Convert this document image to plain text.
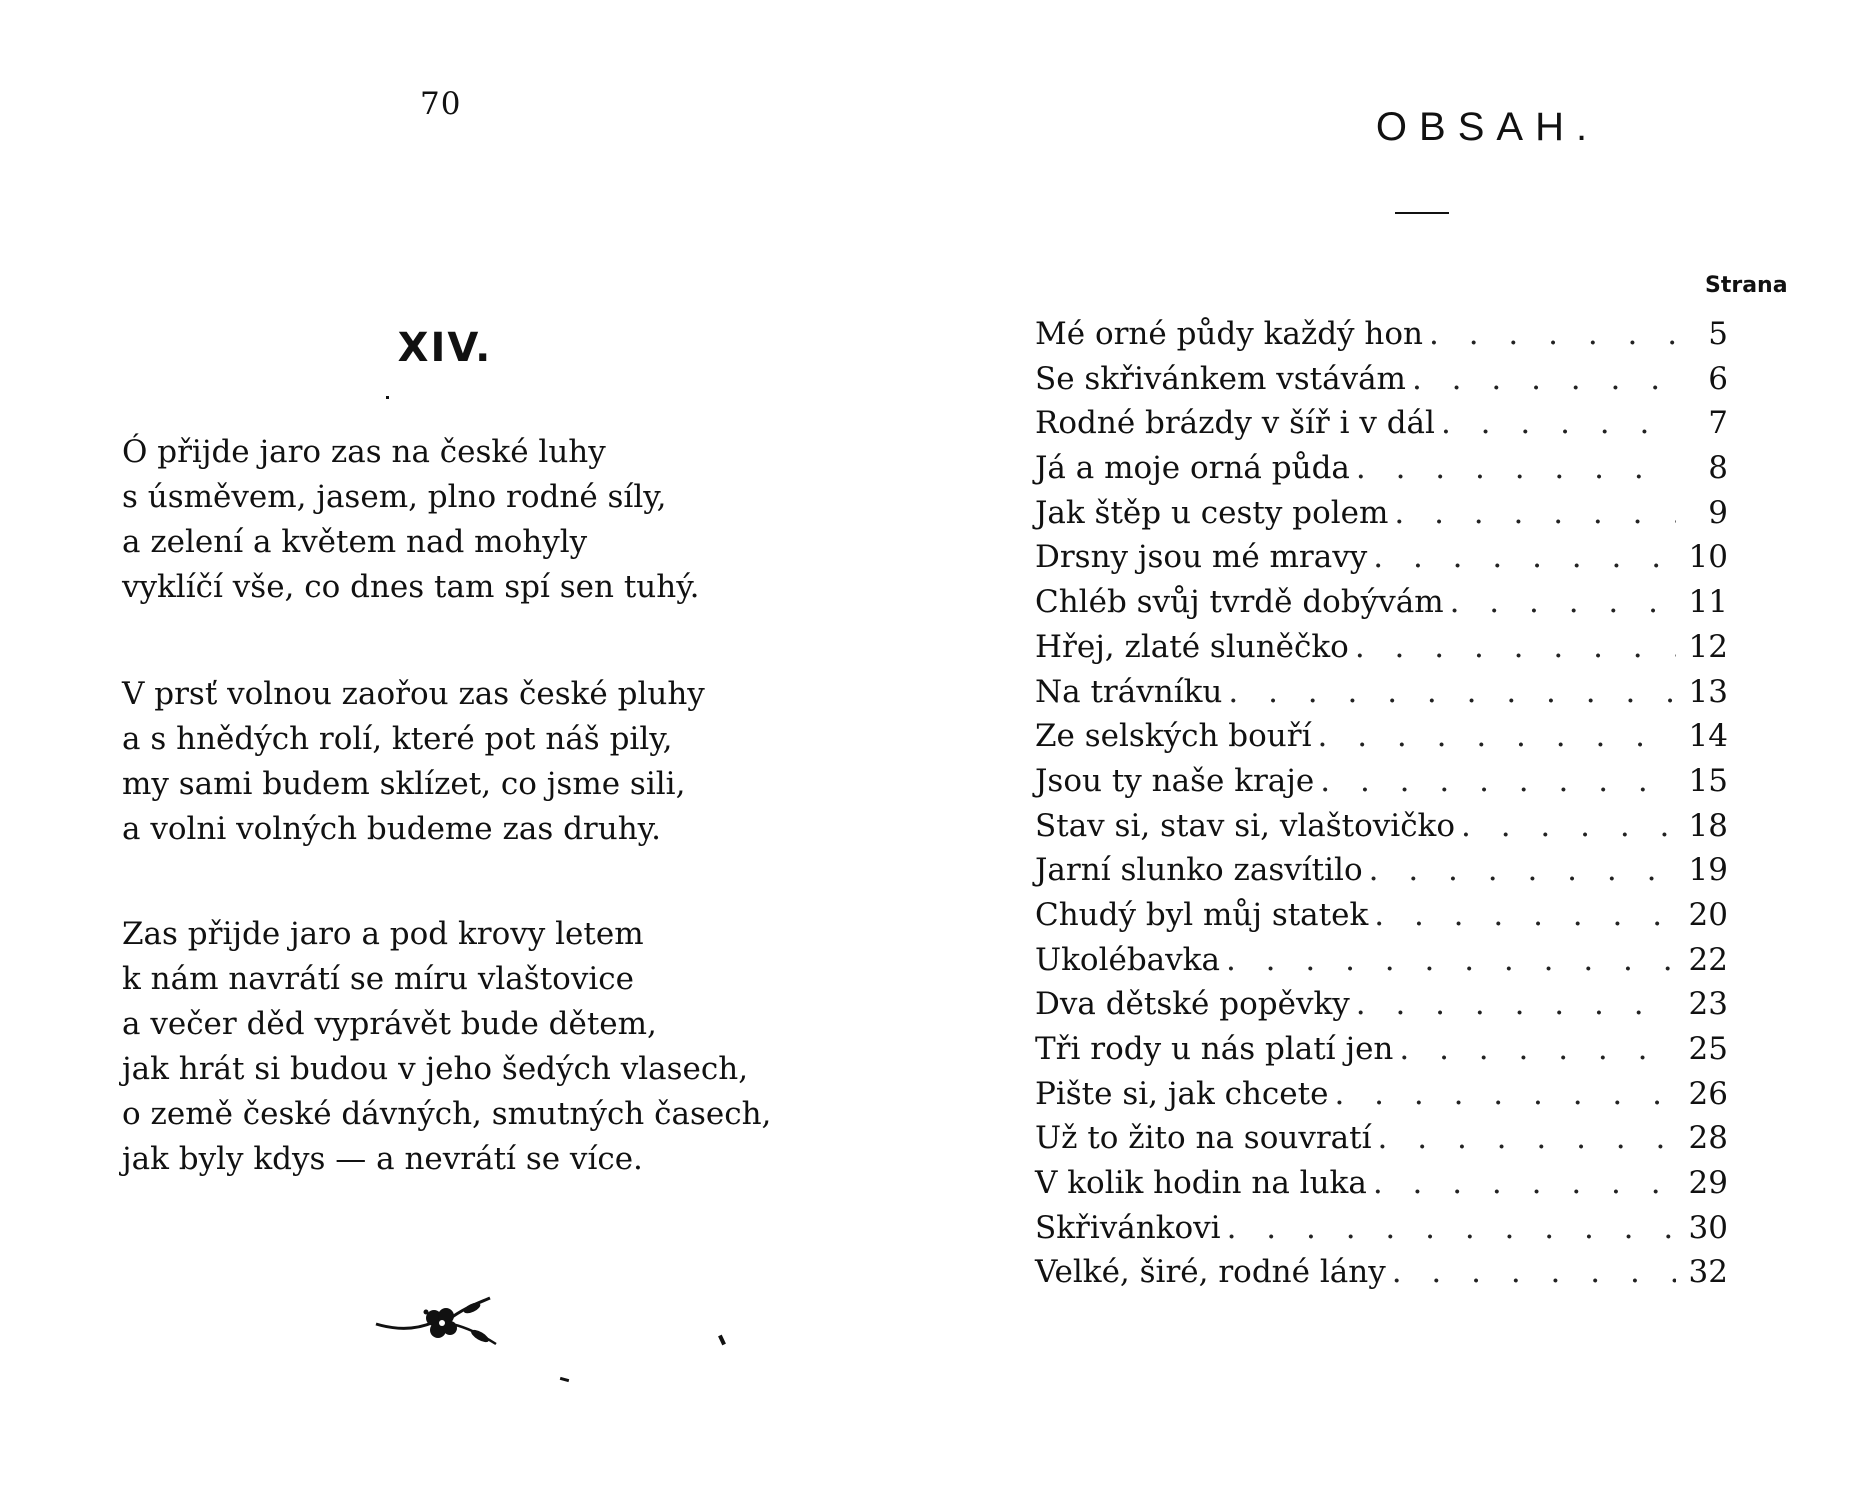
70
XIV.
Ó přijde jaro zas na české luhy
s úsměvem, jasem, plno rodné síly,
a zelení a květem nad mohyly
vyklíčí vše, co dnes tam spí sen tuhý.
V prsť volnou zaořou zas české pluhy
a s hnědých rolí, které pot náš pily,
my sami budem sklízet, co jsme sili,
a volni volných budeme zas druhy.
Zas přijde jaro a pod krovy letem
k nám navrátí se míru vlaštovice
a večer děd vyprávět bude dětem,
jak hrát si budou v jeho šedých vlasech,
o země české dávných, smutných časech,
jak byly kdys — a nevrátí se více.
OBSAH.
Strana
Mé orné půdy každý hon . . .	5
Se skřivánkem vstávám . . .	6
Rodné brázdy v šíř i v dál . . .	7
Já a moje orná půda . . .	8
Jak štěp u cesty polem . . .	9
Drsny jsou mé mravy . . .	10
Chléb svůj tvrdě dobývám . . .	11
Hřej, zlaté sluněčko . . .	12
Na trávníku . . .	13
Ze selských bouří . . .	14
Jsou ty naše kraje . . .	15
Stav si, stav si, vlaštovičko . . .	18
Jarní slunko zasvítilo . . .	19
Chudý byl můj statek . . .	20
Ukolébavka . . .	22
Dva dětské popěvky . . .	23
Tři rody u nás platí jen . . .	25
Pište si, jak chcete . . .	26
Už to žito na souvratí . . .	28
V kolik hodin na luka . . .	29
Skřivánkovi . . .	30
Velké, širé, rodné lány . . .	32
